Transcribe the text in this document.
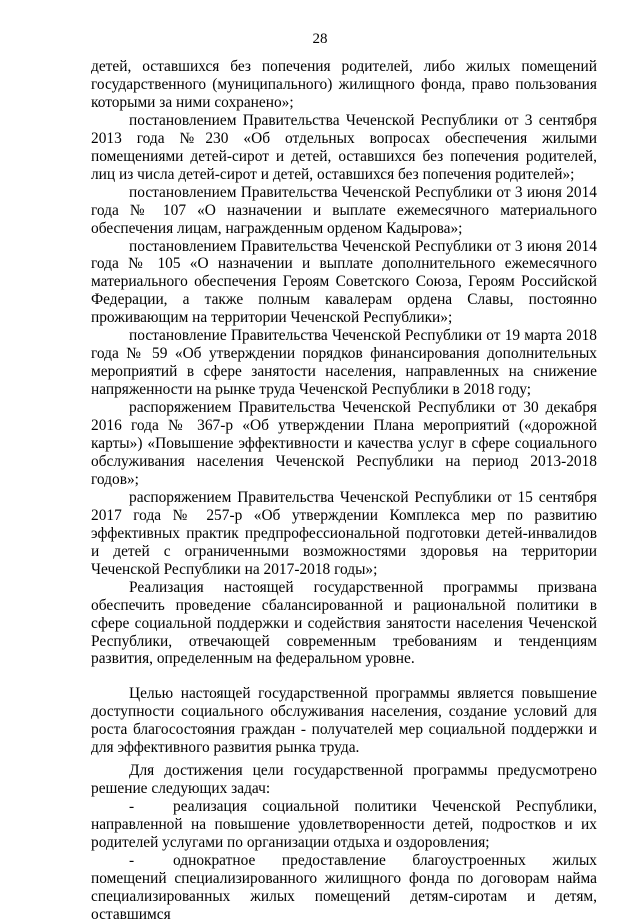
28

детей, оставшихся без попечения родителей, либо жилых помещений государственного (муниципального) жилищного фонда, право пользования которыми за ними сохранено»;

постановлением Правительства Чеченской Республики от 3 сентября 2013 года №230 «Об отдельных вопросах обеспечения жилыми помещениями детей-сирот и детей, оставшихся без попечения родителей, лиц из числа детей-сирот и детей, оставшихся без попечения родителей»;

постановлением Правительства Чеченской Республики от 3 июня 2014 года № 107 «О назначении и выплате ежемесячного материального обеспечения лицам, награжденным орденом Кадырова»;

постановлением Правительства Чеченской Республики от 3 июня 2014 года № 105 «О назначении и выплате дополнительного ежемесячного материального обеспечения Героям Советского Союза, Героям Российской Федерации, а также полным кавалерам ордена Славы, постоянно проживающим на территории Чеченской Республики»;

постановление Правительства Чеченской Республики от 19 марта 2018 года № 59 «Об утверждении порядков финансирования дополнительных мероприятий в сфере занятости населения, направленных на снижение напряженности на рынке труда Чеченской Республики в 2018 году;

распоряжением Правительства Чеченской Республики от 30 декабря 2016 года № 367-р «Об утверждении Плана мероприятий («дорожной карты») «Повышение эффективности и качества услуг в сфере социального обслуживания населения Чеченской Республики на период 2013-2018 годов»;

распоряжением Правительства Чеченской Республики от 15 сентября 2017 года № 257-р «Об утверждении Комплекса мер по развитию эффективных практик предпрофессиональной подготовки детей-инвалидов и детей с ограниченными возможностями здоровья на территории Чеченской Республики на 2017-2018 годы»;

Реализация настоящей государственной программы призвана обеспечить проведение сбалансированной и рациональной политики в сфере социальной поддержки и содействия занятости населения Чеченской Республики, отвечающей современным требованиям и тенденциям развития, определенным на федеральном уровне.

Целью настоящей государственной программы является повышение доступности социального обслуживания населения, создание условий для роста благосостояния граждан - получателей мер социальной поддержки и для эффективного развития рынка труда.

Для достижения цели государственной программы предусмотрено решение следующих задач:

-	реализация социальной политики Чеченской Республики, направленной на повышение удовлетворенности детей, подростков и их родителей услугами по организации отдыха и оздоровления;

-	однократное предоставление благоустроенных жилых помещений специализированного жилищного фонда по договорам найма специализированных жилых помещений детям-сиротам и детям, оставшимся
